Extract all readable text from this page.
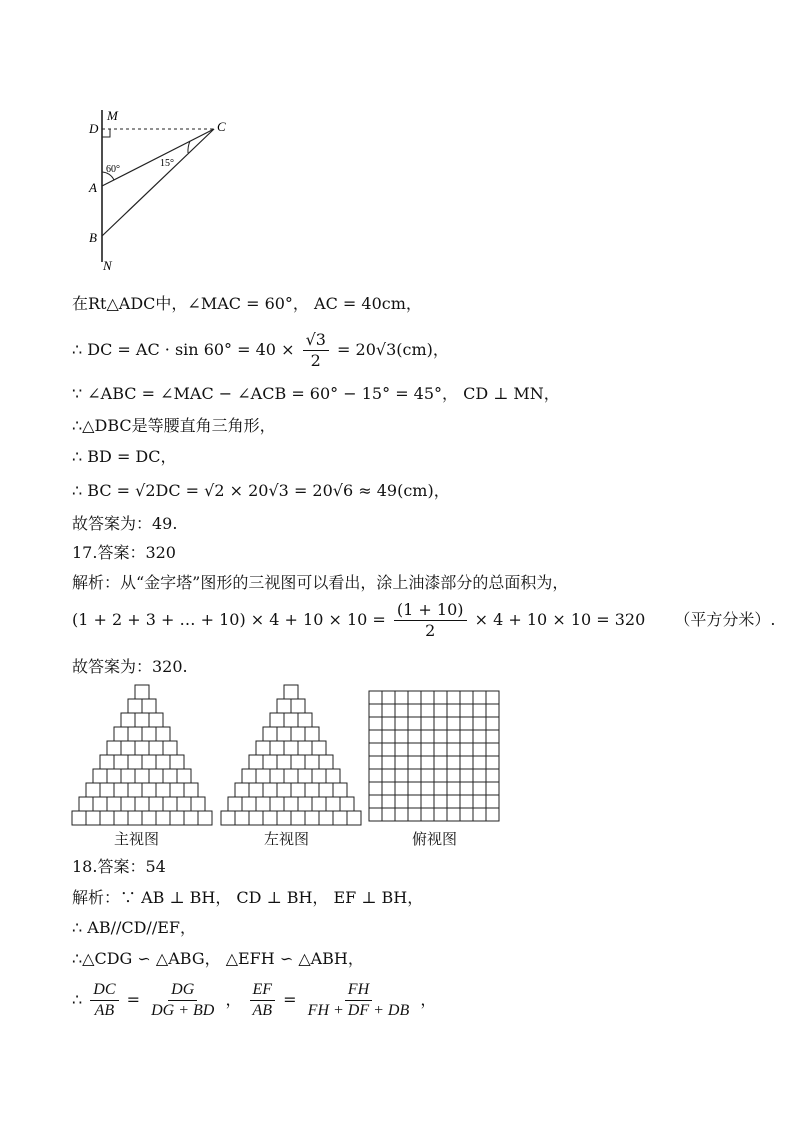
M
D	C
A
B
N
60°
15°
在Rt△ADC中，∠MAC = 60°， AC = 40cm，
∴ DC = AC · $\sin 60^\circ = 40 \times \frac{√3}{2} = 20√3(cm)$，
∵ ∠ABC = ∠MAC − ∠ACB = 60° − 15° = 45°， CD ⊥ MN，
∴△DBC是等腰直角三角形，
∴ BD = DC，
∴ BC = √2DC = √2 × 20√3 = 20√6 ≈ 49(cm)，
故答案为：49.
17.答案：320
解析：从“金字塔”图形的三视图可以看出，涂上油漆部分的总面积为，
(1 + 2 + 3 + … + $10) \times 4 + 10 \times 10 = \frac{(1 + 10)}{2} \times 4 + 10 \times 10 = 320$ （平方分米）.
故答案为：320.
主视图	左视图	俯视图
18.答案：54
解析：∵ AB ⊥ BH， CD ⊥ BH， EF ⊥ BH，
∴ AB//CD//EF，
∴△CDG ∽ △ABG， △EFH ∽ △ABH，
∴ $\frac{DC}{AB} = \frac{DG}{DG + BD}$ ， $\frac{EF}{AB} = \frac{FH}{FH + DF + DB}$ ，
